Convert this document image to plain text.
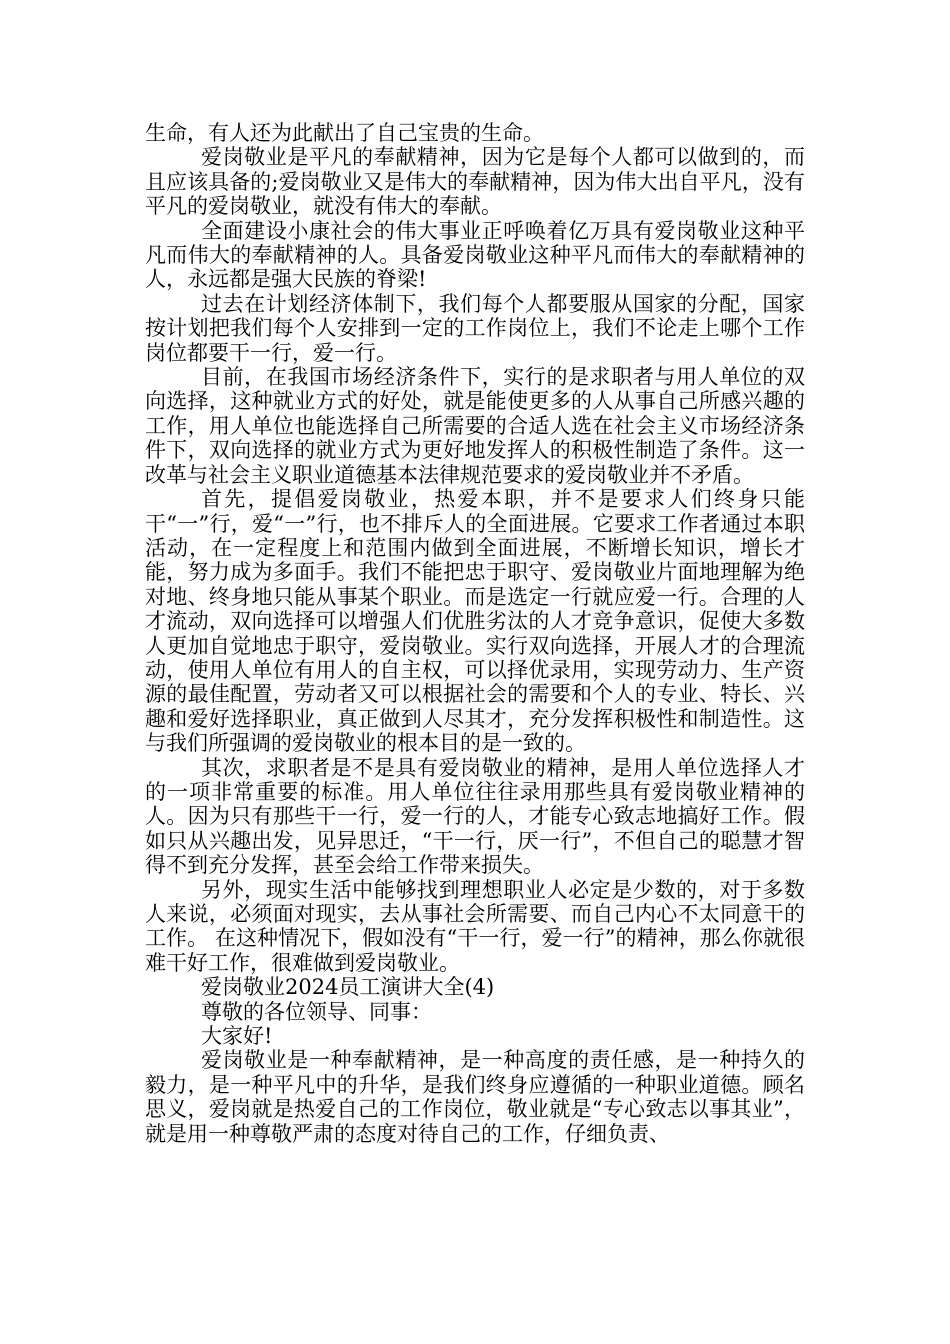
生命，有人还为此献出了自己宝贵的生命。

爱岗敬业是平凡的奉献精神，因为它是每个人都可以做到的，而且应该具备的;爱岗敬业又是伟大的奉献精神，因为伟大出自平凡，没有平凡的爱岗敬业，就没有伟大的奉献。

全面建设小康社会的伟大事业正呼唤着亿万具有爱岗敬业这种平凡而伟大的奉献精神的人。具备爱岗敬业这种平凡而伟大的奉献精神的人，永远都是强大民族的脊梁!

过去在计划经济体制下，我们每个人都要服从国家的分配，国家按计划把我们每个人安排到一定的工作岗位上，我们不论走上哪个工作岗位都要干一行，爱一行。

目前，在我国市场经济条件下，实行的是求职者与用人单位的双向选择，这种就业方式的好处，就是能使更多的人从事自己所感兴趣的工作，用人单位也能选择自己所需要的合适人选在社会主义市场经济条件下，双向选择的就业方式为更好地发挥人的积极性制造了条件。这一改革与社会主义职业道德基本法律规范要求的爱岗敬业并不矛盾。

首先，提倡爱岗敬业，热爱本职，并不是要求人们终身只能干“一”行，爱“一”行，也不排斥人的全面进展。它要求工作者通过本职活动，在一定程度上和范围内做到全面进展，不断增长知识，增长才能，努力成为多面手。我们不能把忠于职守、爱岗敬业片面地理解为绝对地、终身地只能从事某个职业。而是选定一行就应爱一行。合理的人才流动，双向选择可以增强人们优胜劣汰的人才竞争意识，促使大多数人更加自觉地忠于职守，爱岗敬业。实行双向选择，开展人才的合理流动，使用人单位有用人的自主权，可以择优录用，实现劳动力、生产资源的最佳配置，劳动者又可以根据社会的需要和个人的专业、特长、兴趣和爱好选择职业，真正做到人尽其才，充分发挥积极性和制造性。这与我们所强调的爱岗敬业的根本目的是一致的。

其次，求职者是不是具有爱岗敬业的精神，是用人单位选择人才的一项非常重要的标准。用人单位往往录用那些具有爱岗敬业精神的人。因为只有那些干一行，爱一行的人，才能专心致志地搞好工作。假如只从兴趣出发，见异思迁，“干一行，厌一行”，不但自己的聪慧才智得不到充分发挥，甚至会给工作带来损失。

另外，现实生活中能够找到理想职业人必定是少数的，对于多数人来说，必须面对现实，去从事社会所需要、而自己内心不太同意干的工作。 在这种情况下，假如没有“干一行，爱一行”的精神，那么你就很难干好工作，很难做到爱岗敬业。

爱岗敬业2024员工演讲大全(4)

尊敬的各位领导、同事：

大家好!

爱岗敬业是一种奉献精神，是一种高度的责任感，是一种持久的毅力，是一种平凡中的升华，是我们终身应遵循的一种职业道德。顾名思义，爱岗就是热爱自己的工作岗位，敬业就是“专心致志以事其业”，就是用一种尊敬严肃的态度对待自己的工作，仔细负责、
